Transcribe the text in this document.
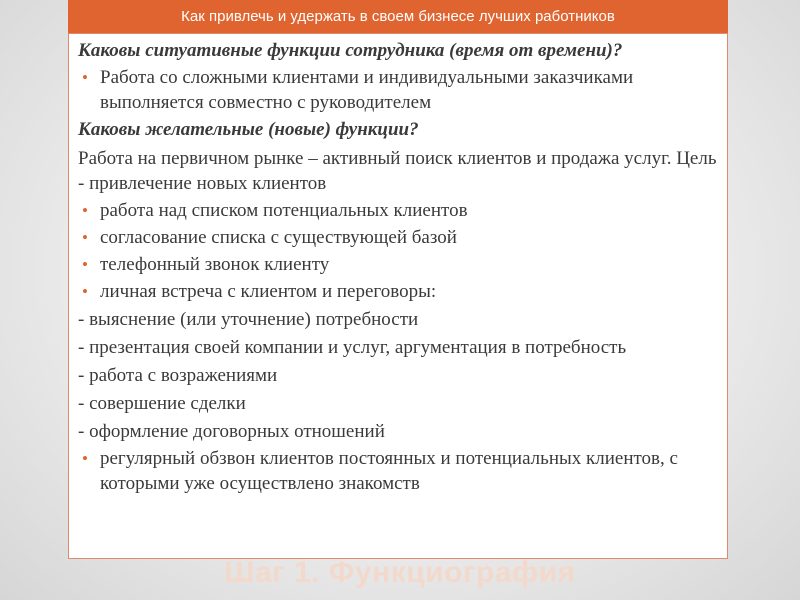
Как привлечь и удержать в своем бизнесе лучших работников

Каковы ситуативные функции сотрудника (время от времени)?

• Работа со сложными клиентами и индивидуальными заказчиками выполняется совместно с руководителем

Каковы желательные (новые) функции?

Работа на первичном рынке – активный поиск клиентов и продажа услуг. Цель - привлечение новых клиентов

• работа над списком потенциальных клиентов
• согласование списка с существующей базой
• телефонный звонок клиенту
• личная встреча с клиентом и переговоры:

- выяснение (или уточнение) потребности

- презентация своей компании и услуг, аргументация в потребность

- работа с возражениями

- совершение сделки

- оформление договорных отношений

• регулярный обзвон клиентов постоянных и потенциальных клиентов, с которыми уже осуществлено знакомств
Шаг 1. Функциография
